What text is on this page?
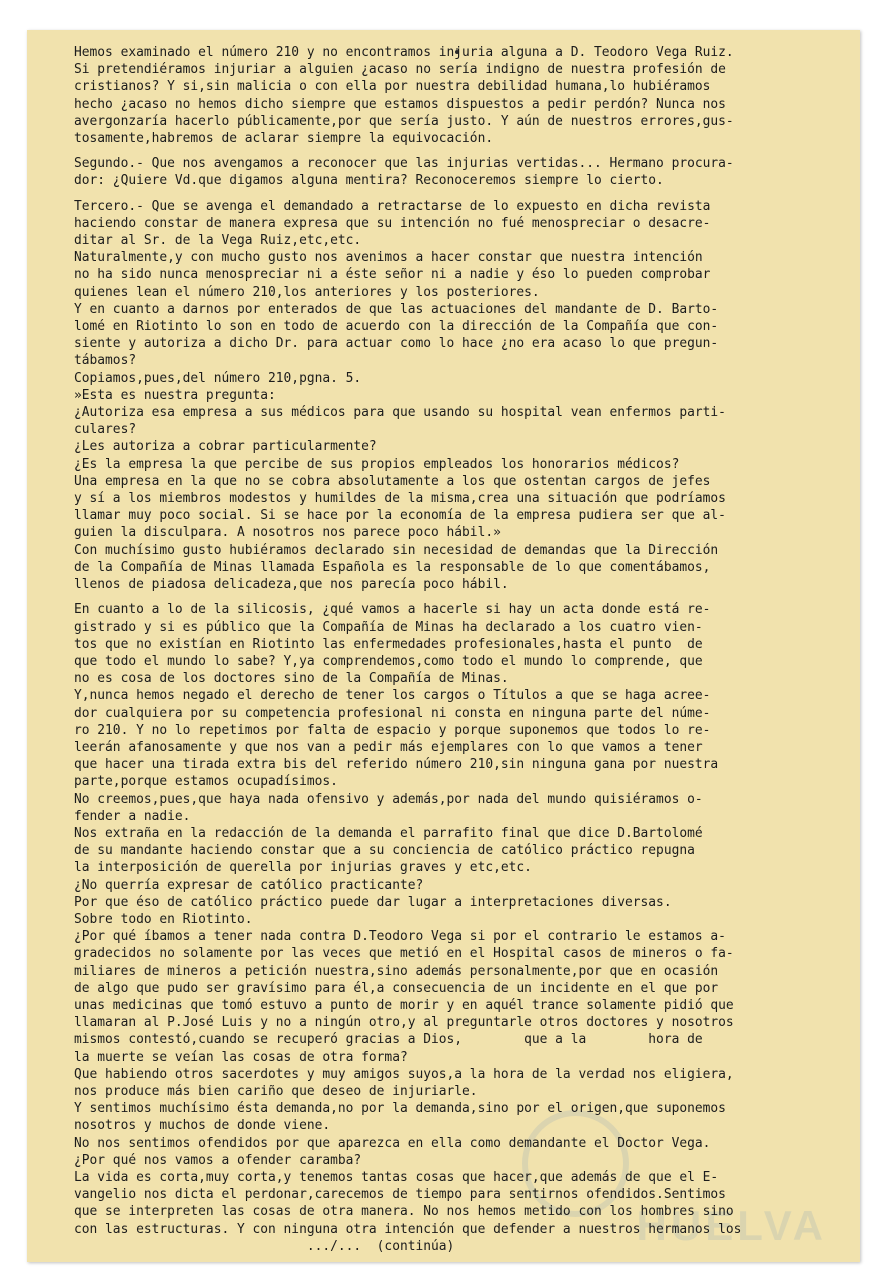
HUELVA
Hemos examinado el número 210 y no encontramos injuria alguna a D. Teodoro Vega Ruiz.
Si pretendiéramos injuriar a alguien ¿acaso no sería indigno de nuestra profesión de
cristianos? Y si,sin malicia o con ella por nuestra debilidad humana,lo hubiéramos
hecho ¿acaso no hemos dicho siempre que estamos dispuestos a pedir perdón? Nunca nos
avergonzaría hacerlo públicamente,por que sería justo. Y aún de nuestros errores,gus-
tosamente,habremos de aclarar siempre la equivocación.
Segundo.- Que nos avengamos a reconocer que las injurias vertidas... Hermano procura-
dor: ¿Quiere Vd.que digamos alguna mentira? Reconoceremos siempre lo cierto.
Tercero.- Que se avenga el demandado a retractarse de lo expuesto en dicha revista
haciendo constar de manera expresa que su intención no fué menospreciar o desacre-
ditar al Sr. de la Vega Ruiz,etc,etc.
Naturalmente,y con mucho gusto nos avenimos a hacer constar que nuestra intención
no ha sido nunca menospreciar ni a éste señor ni a nadie y éso lo pueden comprobar
quienes lean el número 210,los anteriores y los posteriores.
Y en cuanto a darnos por enterados de que las actuaciones del mandante de D. Barto-
lomé en Riotinto lo son en todo de acuerdo con la dirección de la Compañía que con-
siente y autoriza a dicho Dr. para actuar como lo hace ¿no era acaso lo que pregun-
tábamos?
Copiamos,pues,del número 210,pgna. 5.
»Esta es nuestra pregunta:
¿Autoriza esa empresa a sus médicos para que usando su hospital vean enfermos parti-
culares?
¿Les autoriza a cobrar particularmente?
¿Es la empresa la que percibe de sus propios empleados los honorarios médicos?
Una empresa en la que no se cobra absolutamente a los que ostentan cargos de jefes
y sí a los miembros modestos y humildes de la misma,crea una situación que podríamos
llamar muy poco social. Si se hace por la economía de la empresa pudiera ser que al-
guien la disculpara. A nosotros nos parece poco hábil.»
Con muchísimo gusto hubiéramos declarado sin necesidad de demandas que la Dirección
de la Compañía de Minas llamada Española es la responsable de lo que comentábamos,
llenos de piadosa delicadeza,que nos parecía poco hábil.
En cuanto a lo de la silicosis, ¿qué vamos a hacerle si hay un acta donde está re-
gistrado y si es público que la Compañía de Minas ha declarado a los cuatro vien-
tos que no existían en Riotinto las enfermedades profesionales,hasta el punto  de
que todo el mundo lo sabe? Y,ya comprendemos,como todo el mundo lo comprende, que
no es cosa de los doctores sino de la Compañía de Minas.
Y,nunca hemos negado el derecho de tener los cargos o Títulos a que se haga acree-
dor cualquiera por su competencia profesional ni consta en ninguna parte del núme-
ro 210. Y no lo repetimos por falta de espacio y porque suponemos que todos lo re-
leerán afanosamente y que nos van a pedir más ejemplares con lo que vamos a tener
que hacer una tirada extra bis del referido número 210,sin ninguna gana por nuestra
parte,porque estamos ocupadísimos.
No creemos,pues,que haya nada ofensivo y además,por nada del mundo quisiéramos o-
fender a nadie.
Nos extraña en la redacción de la demanda el parrafito final que dice D.Bartolomé
de su mandante haciendo constar que a su conciencia de católico práctico repugna
la interposición de querella por injurias graves y etc,etc.
¿No querría expresar de católico practicante?
Por que éso de católico práctico puede dar lugar a interpretaciones diversas.
Sobre todo en Riotinto.
¿Por qué íbamos a tener nada contra D.Teodoro Vega si por el contrario le estamos a-
gradecidos no solamente por las veces que metió en el Hospital casos de mineros o fa-
miliares de mineros a petición nuestra,sino además personalmente,por que en ocasión
de algo que pudo ser gravísimo para él,a consecuencia de un incidente en el que por
unas medicinas que tomó estuvo a punto de morir y en aquél trance solamente pidió que
llamaran al P.José Luis y no a ningún otro,y al preguntarle otros doctores y nosotros
mismos contestó,cuando se recuperó gracias a Dios,        que a la        hora de
la muerte se veían las cosas de otra forma?
Que habiendo otros sacerdotes y muy amigos suyos,a la hora de la verdad nos eligiera,
nos produce más bien cariño que deseo de injuriarle.
Y sentimos muchísimo ésta demanda,no por la demanda,sino por el origen,que suponemos
nosotros y muchos de donde viene.
No nos sentimos ofendidos por que aparezca en ella como demandante el Doctor Vega.
¿Por qué nos vamos a ofender caramba?
La vida es corta,muy corta,y tenemos tantas cosas que hacer,que además de que el E-
vangelio nos dicta el perdonar,carecemos de tiempo para sentirnos ofendidos.Sentimos
que se interpreten las cosas de otra manera. No nos hemos metido con los hombres sino
con las estructuras. Y con ninguna otra intención que defender a nuestros hermanos los
.../...  (continúa)
